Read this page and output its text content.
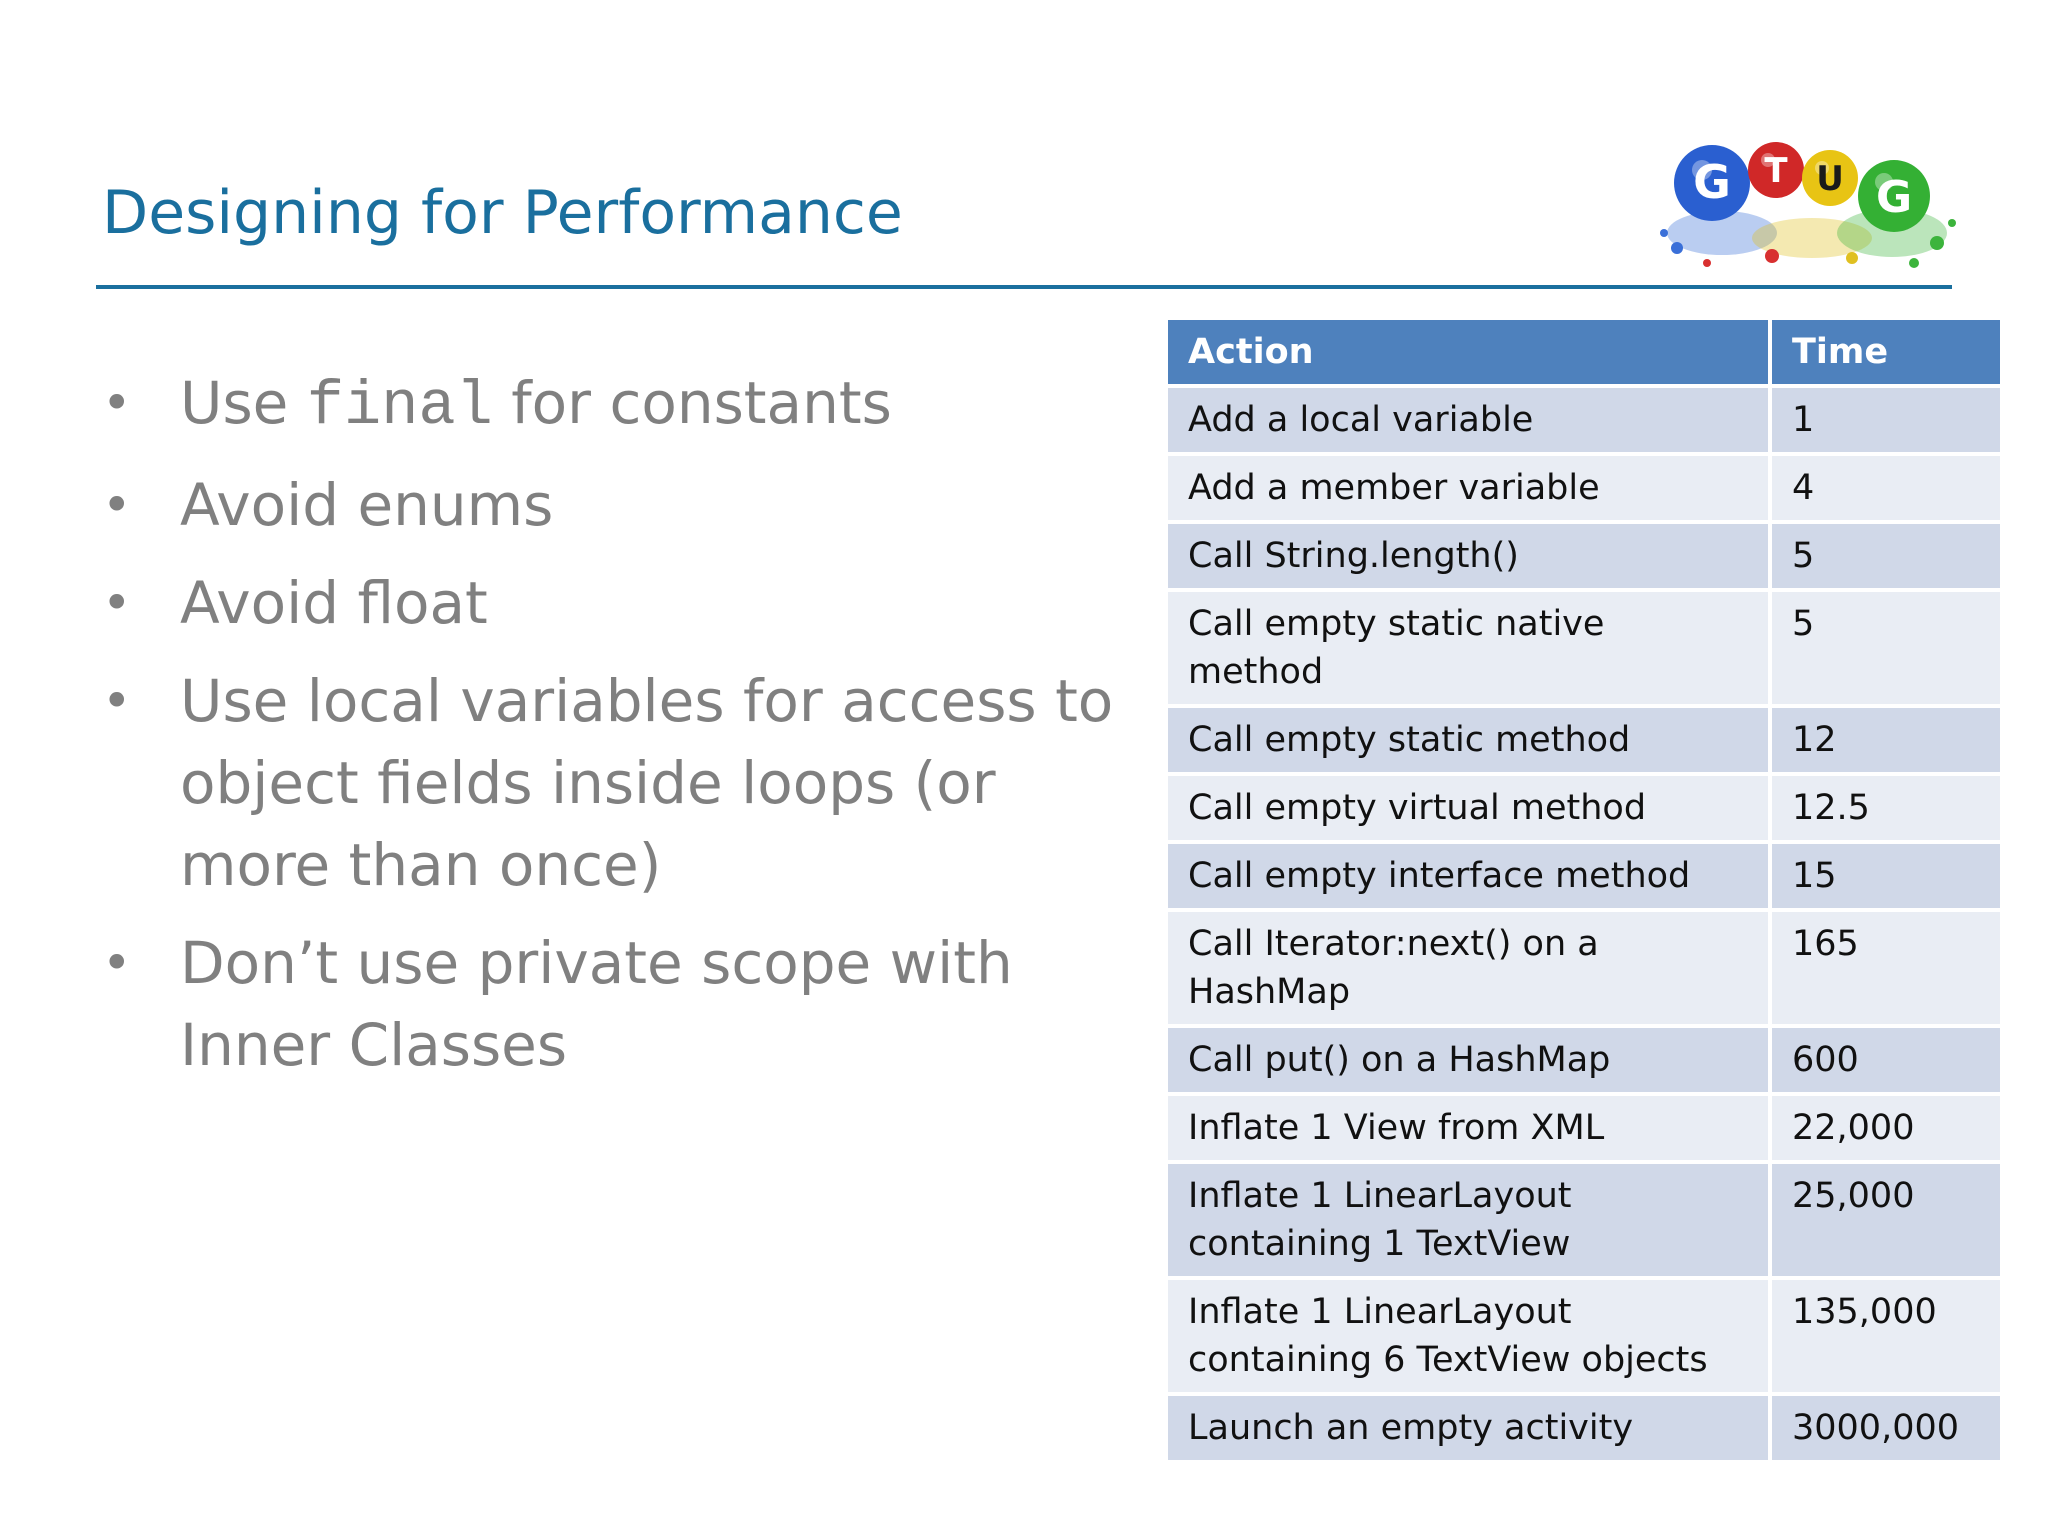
Designing for Performance	G T U G
• Use final for constants
• Avoid enums
• Avoid float
• Use local variables for access to object fields inside loops (or more than once)
• Don’t use private scope with Inner Classes
Action	Time
Add a local variable	1
Add a member variable	4
Call String.length()	5
Call empty static native method	5
Call empty static method	12
Call empty virtual method	12.5
Call empty interface method	15
Call Iterator:next() on a HashMap	165
Call put() on a HashMap	600
Inflate 1 View from XML	22,000
Inflate 1 LinearLayout containing 1 TextView	25,000
Inflate 1 LinearLayout containing 6 TextView objects	135,000
Launch an empty activity	3000,000
